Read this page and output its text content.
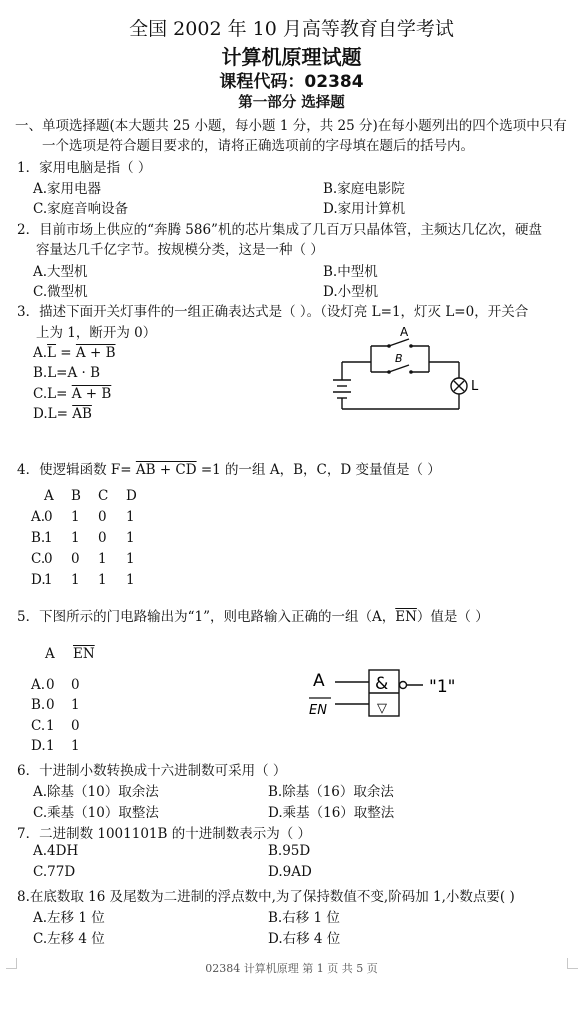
全国 2002 年 10 月高等教育自学考试
计算机原理试题
课程代码：02384
第一部分 选择题
一、单项选择题(本大题共 25 小题，每小题 1 分，共 25 分)在每小题列出的四个选项中只有
一个选项是符合题目要求的，请将正确选项前的字母填在题后的括号内。
1．家用电脑是指（ ）
A.家用电器	B.家庭电影院
C.家庭音响设备	D.家用计算机
2．目前市场上供应的“奔腾 586”机的芯片集成了几百万只晶体管，主频达几亿次，硬盘
容量达几千亿字节。按规模分类，这是一种（ ）
A.大型机	B.中型机
C.微型机	D.小型机
3．描述下面开关灯事件的一组正确表达式是（ ）。（设灯亮 L=1，灯灭 L=0，开关合
上为 1，断开为 0）
$A.\overline{L} = A + B$
B.L=A · B
C.L= A + B
$D.L= \overline{AB}$
A
B
L
4．使逻辑函数 F= AB + CD =1 的一组 A，B，C，D 变量值是（ ）
A B C D
A.
0 1 0 1
B.
1 1 0 1
C.
0 0 1 1
D.
1 1 1 1
5．下图所示的门电路输出为“1”，则电路输入正确的一组（A，$\overline{EN}$）值是（ ）
A $\overline{EN}$
A. 0 0
B. 0 1
C. 1 0
D. 1 1
A
EN
&
▽
"1"
6．十进制小数转换成十六进制数可采用（ ）
A.除基（10）取余法	B.除基（16）取余法
C.乘基（10）取整法	D.乘基（16）取整法
7．二进制数 1001101B 的十进制数表示为（ ）
A.4DH	B.95D
C.77D	D.9AD
8.在底数取 16 及尾数为二进制的浮点数中,为了保持数值不变,阶码加 1,小数点要( )
A.左移 1 位	B.右移 1 位
C.左移 4 位	D.右移 4 位
02384 计算机原理 第 1 页 共 5 页
